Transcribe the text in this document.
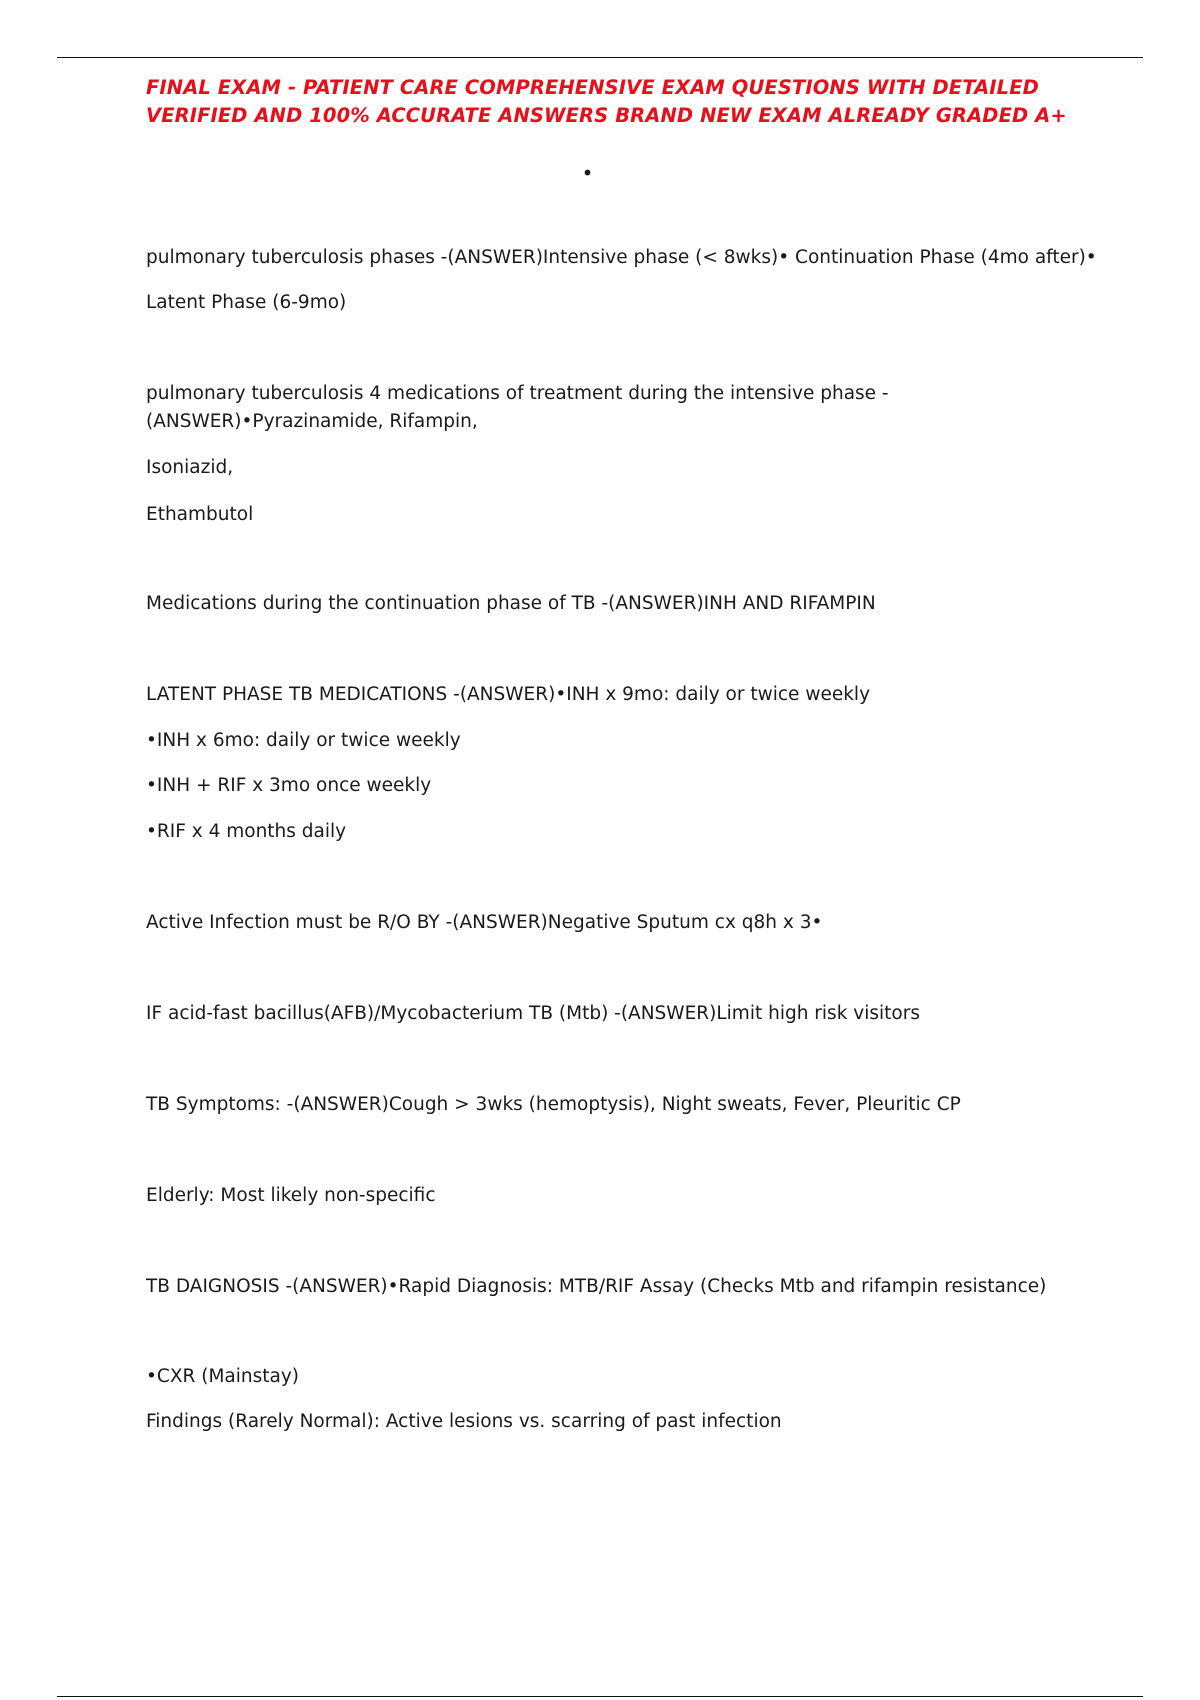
FINAL EXAM - PATIENT CARE COMPREHENSIVE EXAM QUESTIONS WITH DETAILED
VERIFIED AND 100% ACCURATE ANSWERS BRAND NEW EXAM ALREADY GRADED A+
•
pulmonary tuberculosis phases -(ANSWER)Intensive phase (< 8wks)• Continuation Phase (4mo after)•
Latent Phase (6-9mo)
pulmonary tuberculosis 4 medications of treatment during the intensive phase -
(ANSWER)•Pyrazinamide, Rifampin,
Isoniazid,
Ethambutol
Medications during the continuation phase of TB -(ANSWER)INH AND RIFAMPIN
LATENT PHASE TB MEDICATIONS -(ANSWER)•INH x 9mo: daily or twice weekly
•INH x 6mo: daily or twice weekly
•INH + RIF x 3mo once weekly
•RIF x 4 months daily
Active Infection must be R/O BY -(ANSWER)Negative Sputum cx q8h x 3•
IF acid-fast bacillus(AFB)/Mycobacterium TB (Mtb) -(ANSWER)Limit high risk visitors
TB Symptoms: -(ANSWER)Cough > 3wks (hemoptysis), Night sweats, Fever, Pleuritic CP
Elderly: Most likely non-specific
TB DAIGNOSIS -(ANSWER)•Rapid Diagnosis: MTB/RIF Assay (Checks Mtb and rifampin resistance)
•CXR (Mainstay)
Findings (Rarely Normal): Active lesions vs. scarring of past infection
